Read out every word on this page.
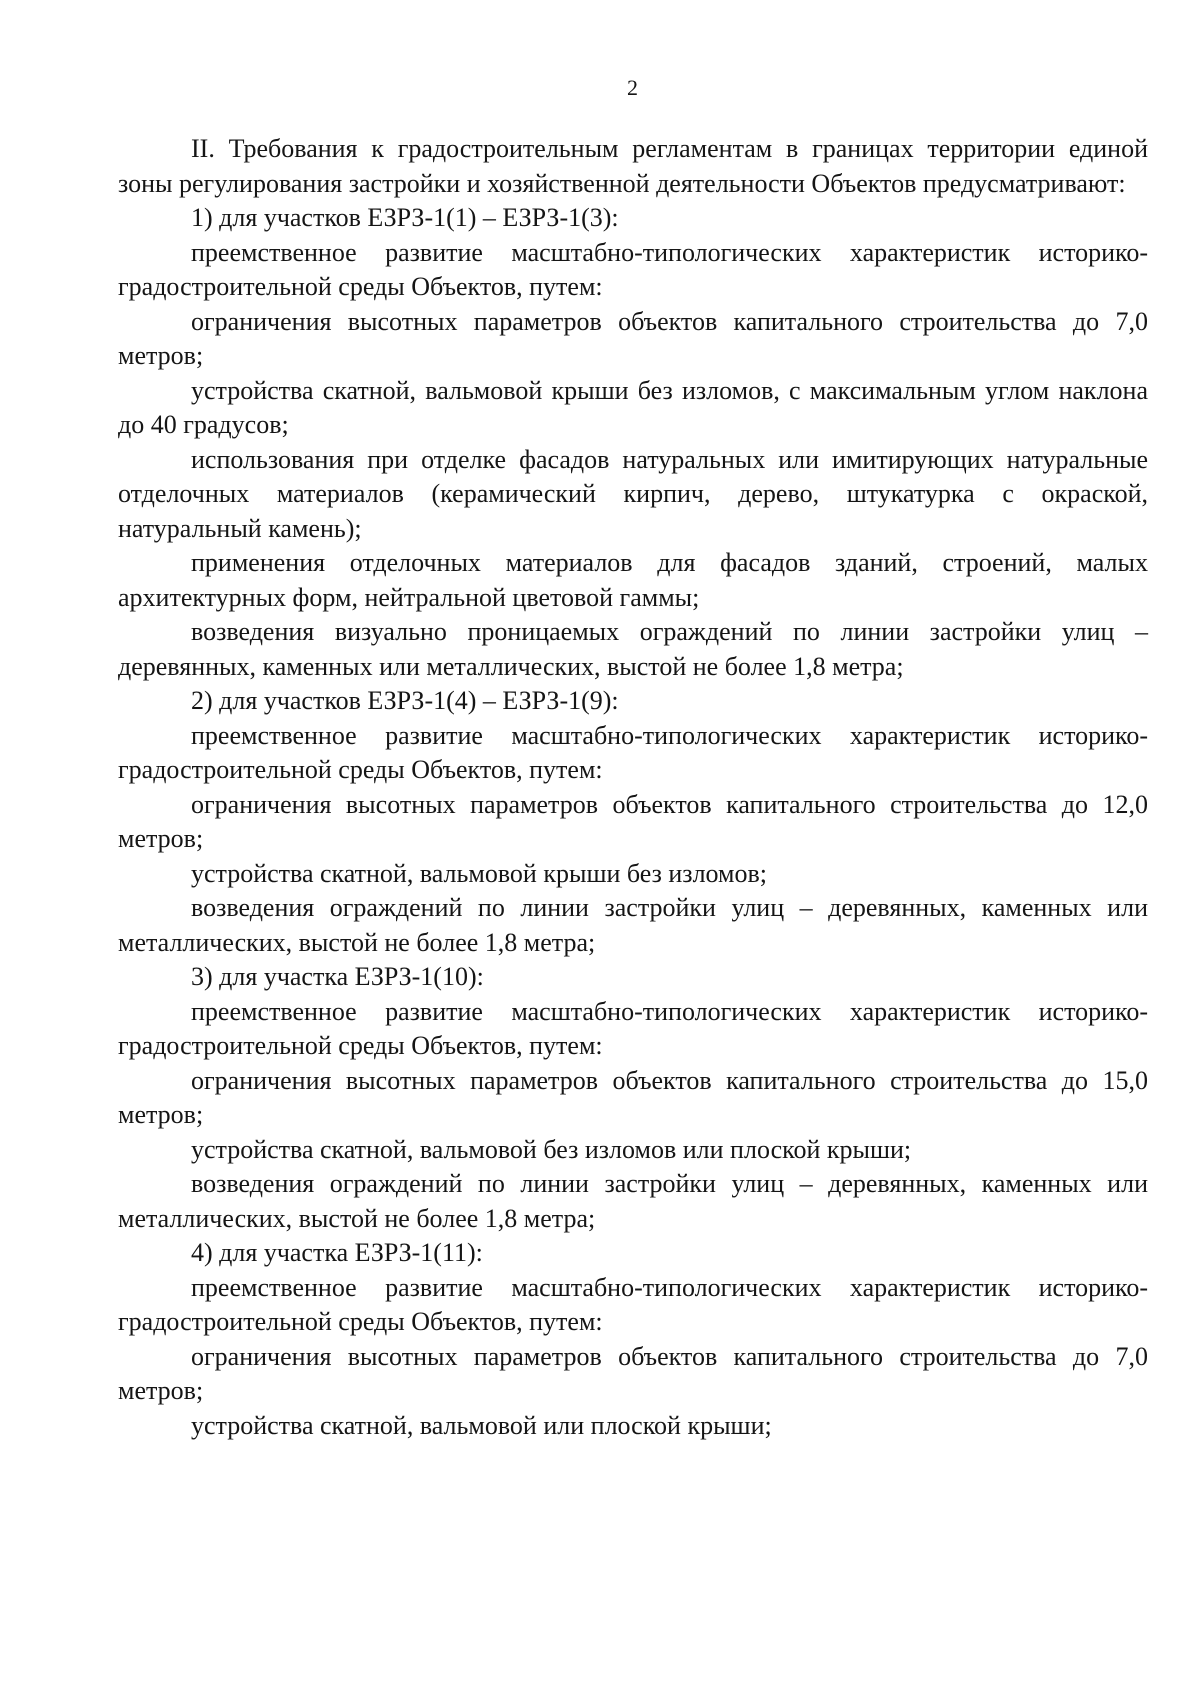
2

II. Требования к градостроительным регламентам в границах территории единой зоны регулирования застройки и хозяйственной деятельности Объектов предусматривают:

1) для участков ЕЗРЗ-1(1) – ЕЗРЗ-1(3):

преемственное развитие масштабно-типологических характеристик историко-градостроительной среды Объектов, путем:

ограничения высотных параметров объектов капитального строительства до 7,0 метров;

устройства скатной, вальмовой крыши без изломов, с максимальным углом наклона до 40 градусов;

использования при отделке фасадов натуральных или имитирующих натуральные отделочных материалов (керамический кирпич, дерево, штукатурка с окраской, натуральный камень);

применения отделочных материалов для фасадов зданий, строений, малых архитектурных форм, нейтральной цветовой гаммы;

возведения визуально проницаемых ограждений по линии застройки улиц – деревянных, каменных или металлических, выстой не более 1,8 метра;

2) для участков ЕЗРЗ-1(4) – ЕЗРЗ-1(9):

преемственное развитие масштабно-типологических характеристик историко-градостроительной среды Объектов, путем:

ограничения высотных параметров объектов капитального строительства до 12,0 метров;

устройства скатной, вальмовой крыши без изломов;

возведения ограждений по линии застройки улиц – деревянных, каменных или металлических, выстой не более 1,8 метра;

3) для участка ЕЗРЗ-1(10):

преемственное развитие масштабно-типологических характеристик историко-градостроительной среды Объектов, путем:

ограничения высотных параметров объектов капитального строительства до 15,0 метров;

устройства скатной, вальмовой без изломов или плоской крыши;

возведения ограждений по линии застройки улиц – деревянных, каменных или металлических, выстой не более 1,8 метра;

4) для участка ЕЗРЗ-1(11):

преемственное развитие масштабно-типологических характеристик историко-градостроительной среды Объектов, путем:

ограничения высотных параметров объектов капитального строительства до 7,0 метров;

устройства скатной, вальмовой или плоской крыши;
